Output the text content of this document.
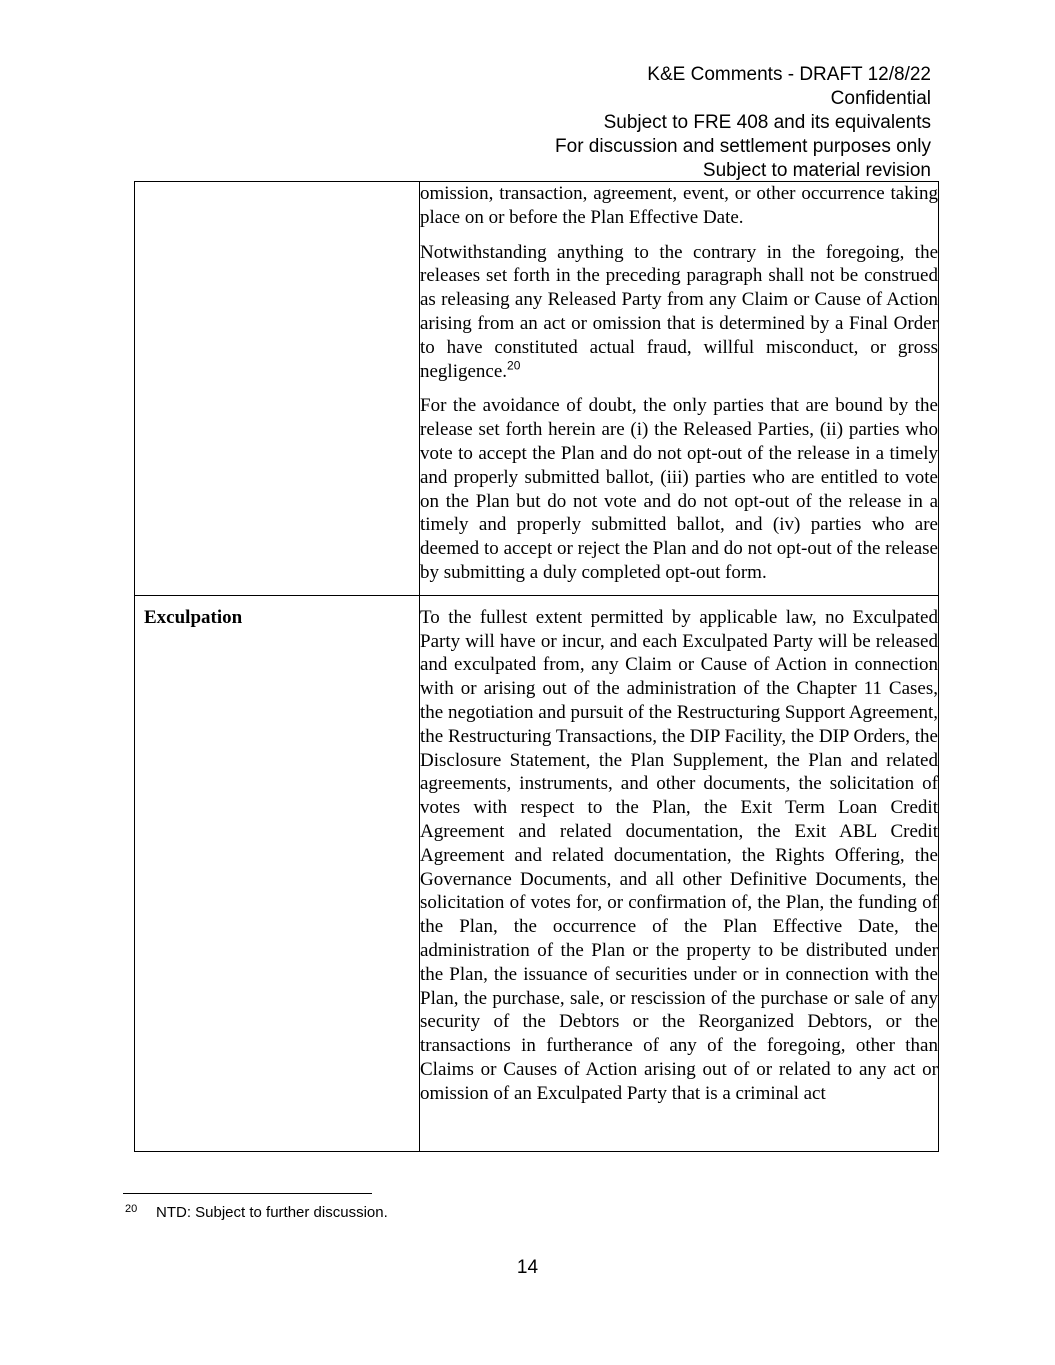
K&E Comments - DRAFT 12/8/22
Confidential
Subject to FRE 408 and its equivalents
For discussion and settlement purposes only
Subject to material revision

	omission, transaction, agreement, event, or other occurrence taking place on or before the Plan Effective Date.

Notwithstanding anything to the contrary in the foregoing, the releases set forth in the preceding paragraph shall not be construed as releasing any Released Party from any Claim or Cause of Action arising from an act or omission that is determined by a Final Order to have constituted actual fraud, willful misconduct, or gross negligence.$^{20}$

For the avoidance of doubt, the only parties that are bound by the release set forth herein are (i) the Released Parties, (ii) parties who vote to accept the Plan and do not opt-out of the release in a timely and properly submitted ballot, (iii) parties who are entitled to vote on the Plan but do not vote and do not opt-out of the release in a timely and properly submitted ballot, and (iv) parties who are deemed to accept or reject the Plan and do not opt-out of the release by submitting a duly completed opt-out form.

Exculpation	To the fullest extent permitted by applicable law, no Exculpated Party will have or incur, and each Exculpated Party will be released and exculpated from, any Claim or Cause of Action in connection with or arising out of the administration of the Chapter 11 Cases, the negotiation and pursuit of the Restructuring Support Agreement, the Restructuring Transactions, the DIP Facility, the DIP Orders, the Disclosure Statement, the Plan Supplement, the Plan and related agreements, instruments, and other documents, the solicitation of votes with respect to the Plan, the Exit Term Loan Credit Agreement and related documentation, the Exit ABL Credit Agreement and related documentation, the Rights Offering, the Governance Documents, and all other Definitive Documents, the solicitation of votes for, or confirmation of, the Plan, the funding of the Plan, the occurrence of the Plan Effective Date, the administration of the Plan or the property to be distributed under the Plan, the issuance of securities under or in connection with the Plan, the purchase, sale, or rescission of the purchase or sale of any security of the Debtors or the Reorganized Debtors, or the transactions in furtherance of any of the foregoing, other than Claims or Causes of Action arising out of or related to any act or omission of an Exculpated Party that is a criminal act

20 NTD: Subject to further discussion.
14
